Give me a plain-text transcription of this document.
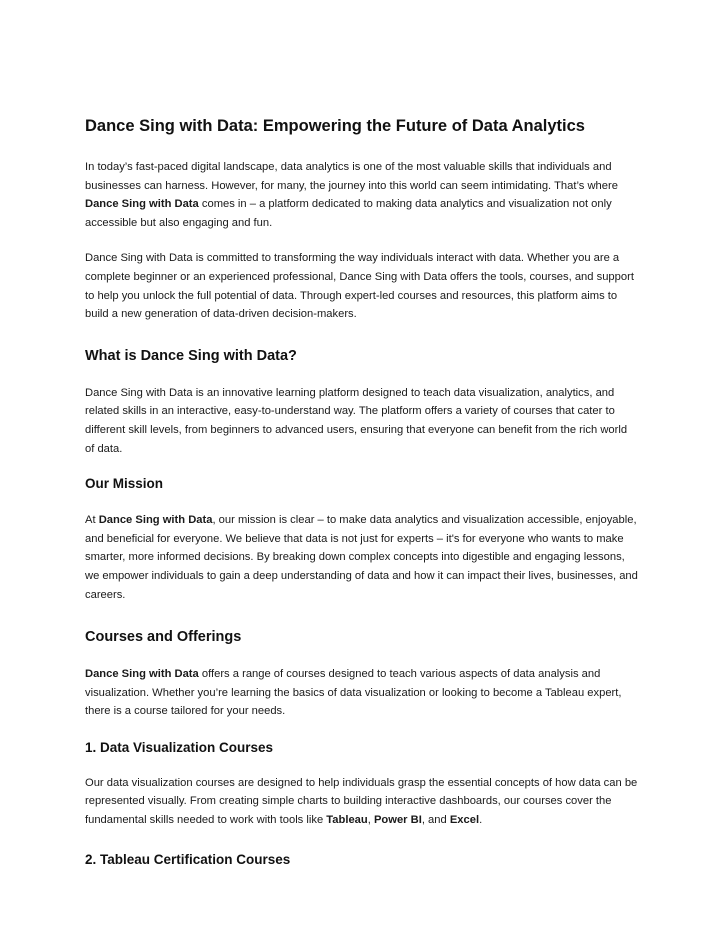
Dance Sing with Data: Empowering the Future of Data Analytics

In today’s fast-paced digital landscape, data analytics is one of the most valuable skills that individuals and businesses can harness. However, for many, the journey into this world can seem intimidating. That’s where Dance Sing with Data comes in – a platform dedicated to making data analytics and visualization not only accessible but also engaging and fun.

Dance Sing with Data is committed to transforming the way individuals interact with data. Whether you are a complete beginner or an experienced professional, Dance Sing with Data offers the tools, courses, and support to help you unlock the full potential of data. Through expert-led courses and resources, this platform aims to build a new generation of data-driven decision-makers.

What is Dance Sing with Data?

Dance Sing with Data is an innovative learning platform designed to teach data visualization, analytics, and related skills in an interactive, easy-to-understand way. The platform offers a variety of courses that cater to different skill levels, from beginners to advanced users, ensuring that everyone can benefit from the rich world of data.

Our Mission

At Dance Sing with Data, our mission is clear – to make data analytics and visualization accessible, enjoyable, and beneficial for everyone. We believe that data is not just for experts – it's for everyone who wants to make smarter, more informed decisions. By breaking down complex concepts into digestible and engaging lessons, we empower individuals to gain a deep understanding of data and how it can impact their lives, businesses, and careers.

Courses and Offerings

Dance Sing with Data offers a range of courses designed to teach various aspects of data analysis and visualization. Whether you’re learning the basics of data visualization or looking to become a Tableau expert, there is a course tailored for your needs.

1. Data Visualization Courses

Our data visualization courses are designed to help individuals grasp the essential concepts of how data can be represented visually. From creating simple charts to building interactive dashboards, our courses cover the fundamental skills needed to work with tools like Tableau, Power BI, and Excel.

2. Tableau Certification Courses
